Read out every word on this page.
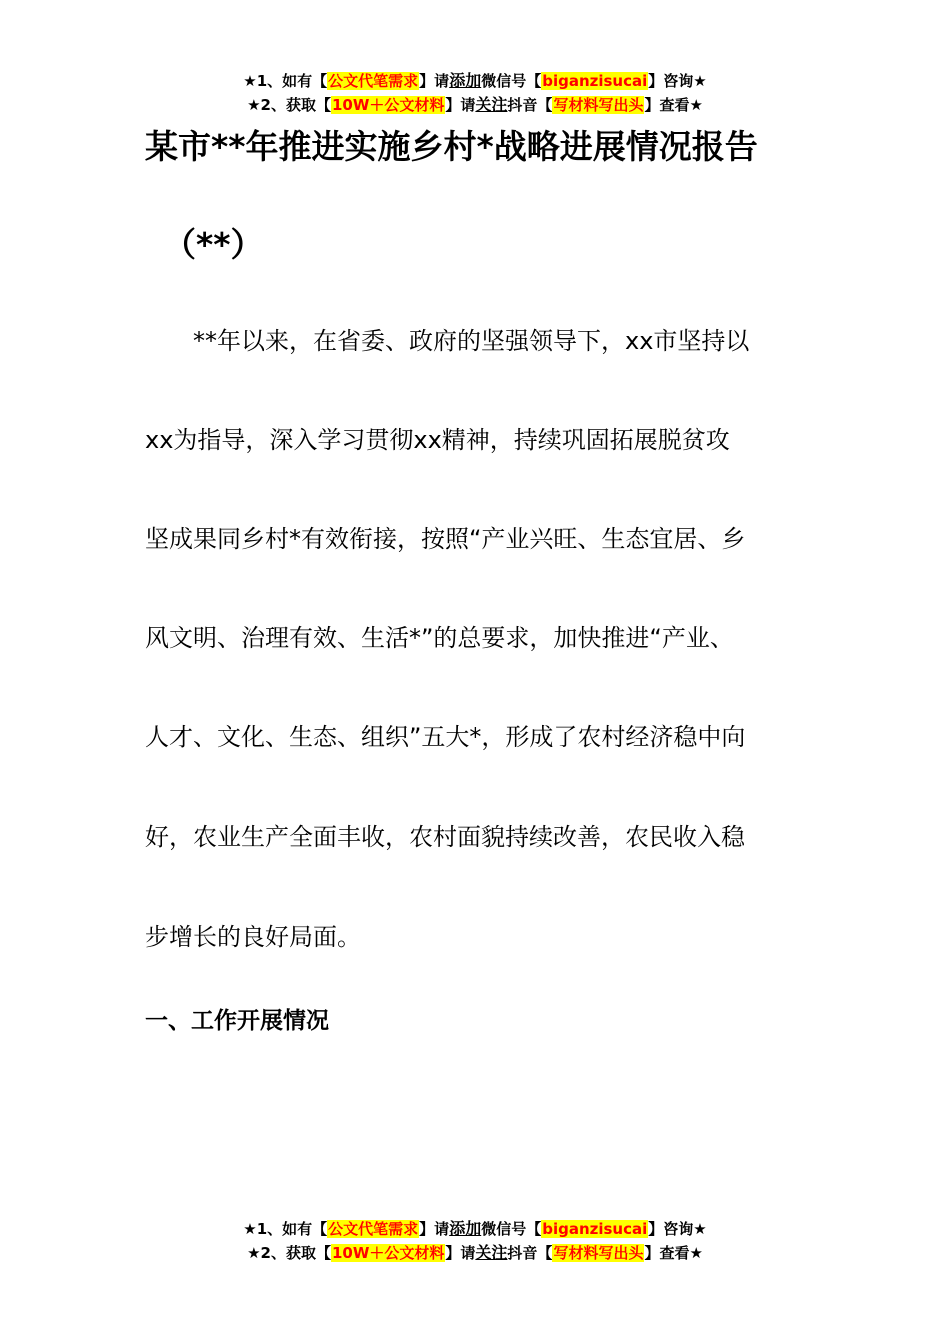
★1、如有【公文代笔需求】请添加微信号【biganzisucai】咨询★
★2、获取【10W＋公文材料】请关注抖音【写材料写出头】查看★
某市**年推进实施乡村*战略进展情况报告
（**）
　　**年以来，在省委、政府的坚强领导下，xx市坚持以
xx为指导，深入学习贯彻xx精神，持续巩固拓展脱贫攻
坚成果同乡村*有效衔接，按照“产业兴旺、生态宜居、乡
风文明、治理有效、生活*”的总要求，加快推进“产业、
人才、文化、生态、组织”五大*，形成了农村经济稳中向
好，农业生产全面丰收，农村面貌持续改善，农民收入稳
步增长的良好局面。
一、工作开展情况
★1、如有【公文代笔需求】请添加微信号【biganzisucai】咨询★
★2、获取【10W＋公文材料】请关注抖音【写材料写出头】查看★
